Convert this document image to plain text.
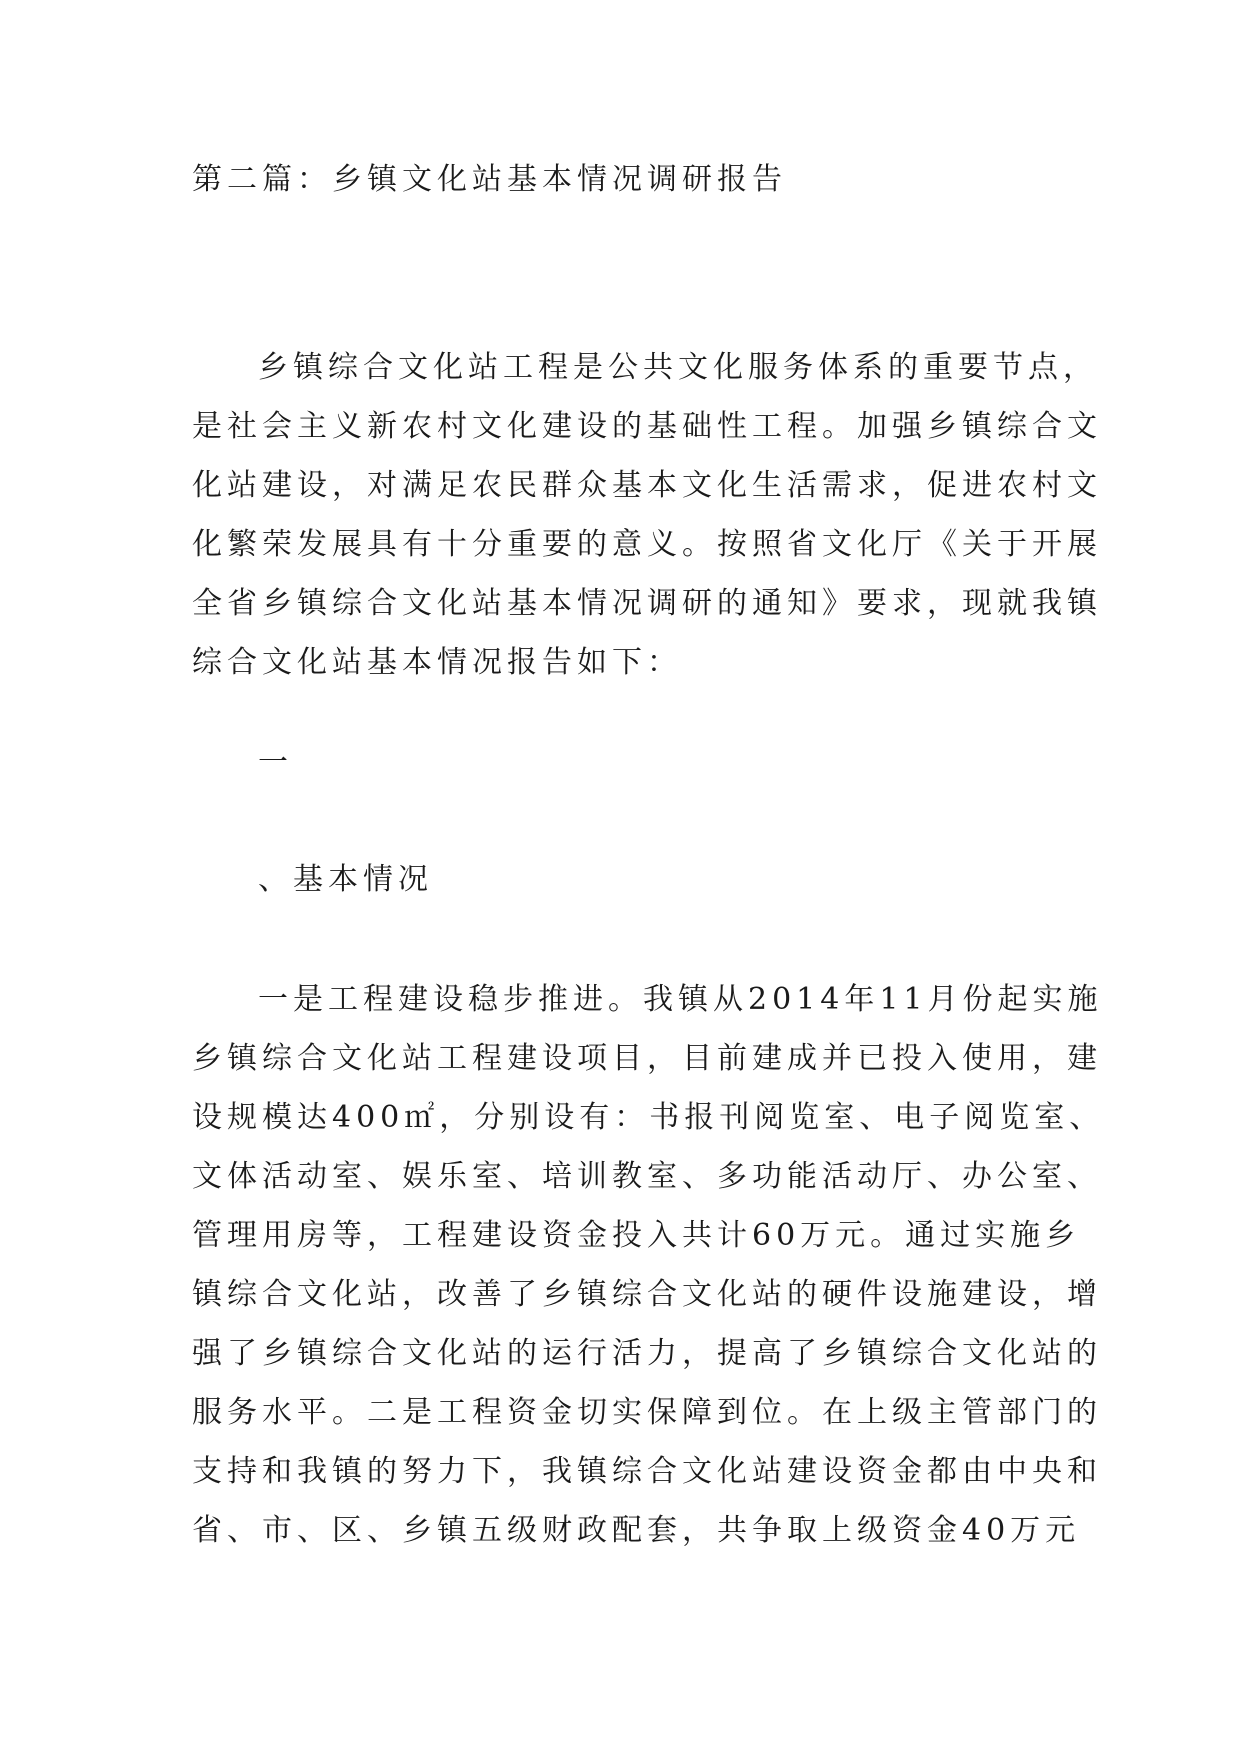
第二篇：乡镇文化站基本情况调研报告
乡镇综合文化站工程是公共文化服务体系的重要节点，
是社会主义新农村文化建设的基础性工程。加强乡镇综合文
化站建设，对满足农民群众基本文化生活需求，促进农村文
化繁荣发展具有十分重要的意义。按照省文化厅《关于开展
全省乡镇综合文化站基本情况调研的通知》要求，现就我镇
综合文化站基本情况报告如下：
一
、基本情况
一是工程建设稳步推进。我镇从2014年11月份起实施
乡镇综合文化站工程建设项目，目前建成并已投入使用，建
设规模达400㎡，分别设有：书报刊阅览室、电子阅览室、
文体活动室、娱乐室、培训教室、多功能活动厅、办公室、
管理用房等，工程建设资金投入共计60万元。通过实施乡
镇综合文化站，改善了乡镇综合文化站的硬件设施建设，增
强了乡镇综合文化站的运行活力，提高了乡镇综合文化站的
服务水平。二是工程资金切实保障到位。在上级主管部门的
支持和我镇的努力下，我镇综合文化站建设资金都由中央和
省、市、区、乡镇五级财政配套，共争取上级资金40万元
